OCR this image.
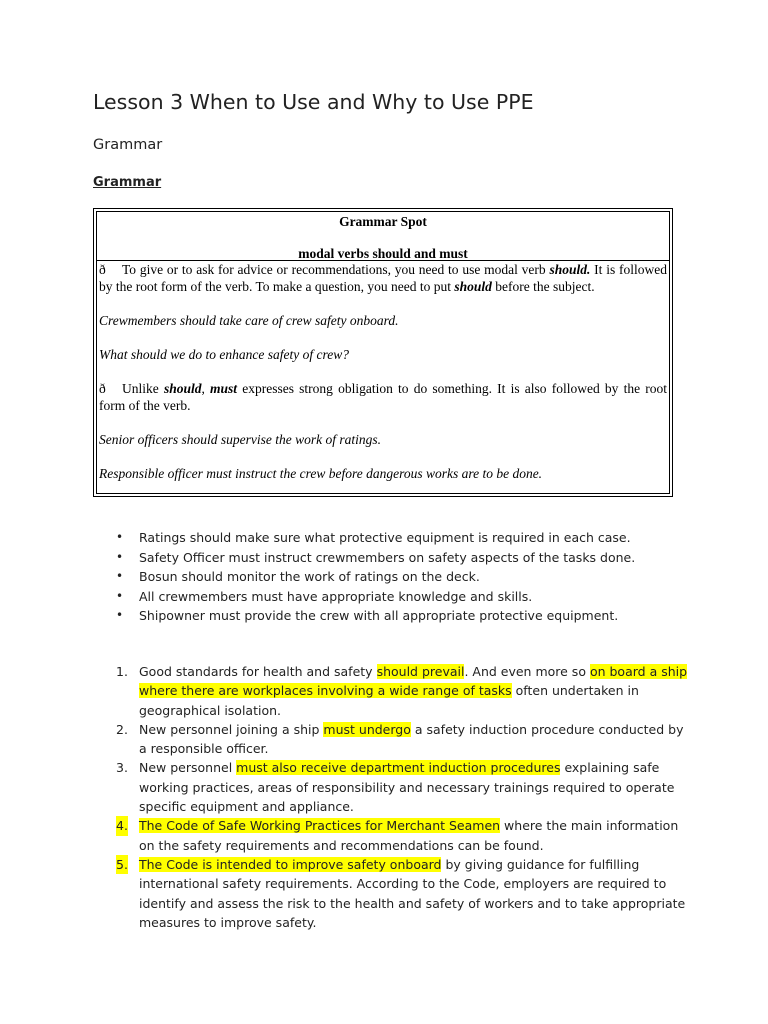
Lesson 3 When to Use and Why to Use PPE
Grammar
Grammar
Grammar Spot
modal verbs should and must

ð To give or to ask for advice or recommendations, you need to use modal verb should. It is followed by the root form of the verb. To make a question, you need to put should before the subject.

Crewmembers should take care of crew safety onboard.

What should we do to enhance safety of crew?

ð Unlike should, must expresses strong obligation to do something. It is also followed by the root form of the verb.

Senior officers should supervise the work of ratings.

Responsible officer must instruct the crew before dangerous works are to be done.

• Ratings should make sure what protective equipment is required in each case.
• Safety Officer must instruct crewmembers on safety aspects of the tasks done.
• Bosun should monitor the work of ratings on the deck.
• All crewmembers must have appropriate knowledge and skills.
• Shipowner must provide the crew with all appropriate protective equipment.
1. Good standards for health and safety should prevail. And even more so on board a ship where there are workplaces involving a wide range of tasks often undertaken in geographical isolation.
2. New personnel joining a ship must undergo a safety induction procedure conducted by a responsible officer.
3. New personnel must also receive department induction procedures explaining safe working practices, areas of responsibility and necessary trainings required to operate specific equipment and appliance.
4. The Code of Safe Working Practices for Merchant Seamen where the main information on the safety requirements and recommendations can be found.
5. The Code is intended to improve safety onboard by giving guidance for fulfilling international safety requirements. According to the Code, employers are required to identify and assess the risk to the health and safety of workers and to take appropriate measures to improve safety.
